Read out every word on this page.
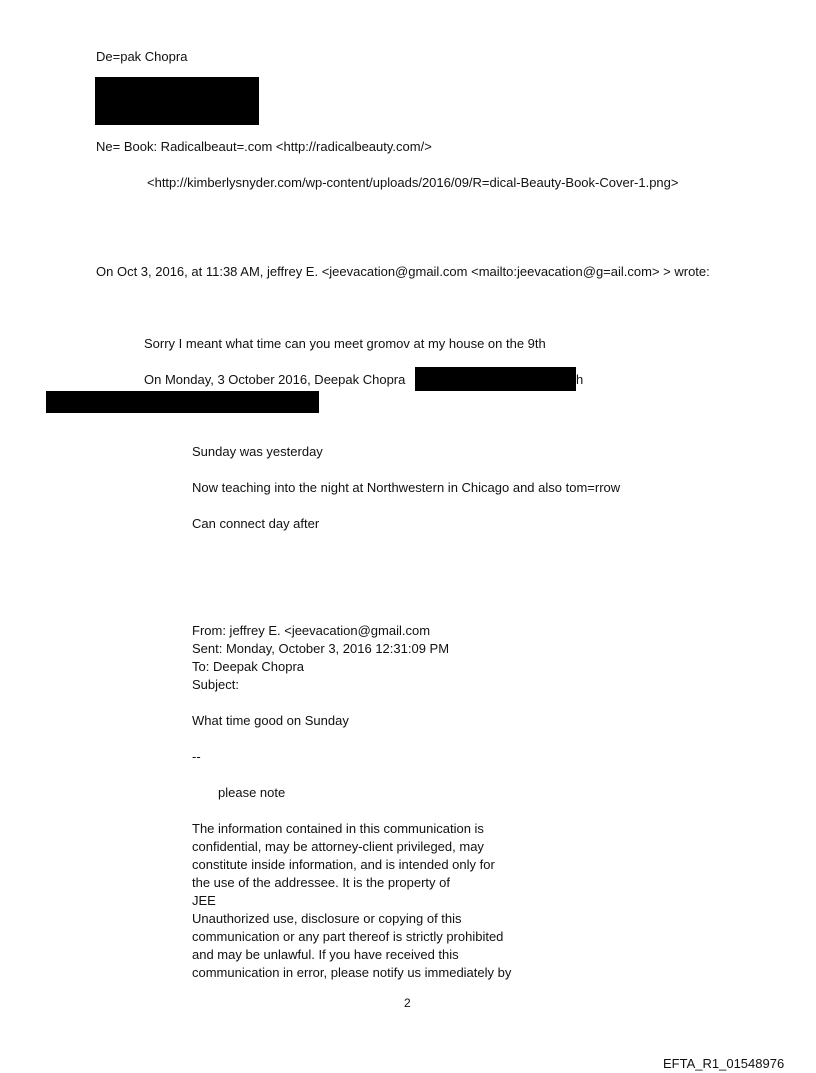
De=pak Chopra
Ne= Book: Radicalbeaut=.com <http://radicalbeauty.com/>
<http://kimberlysnyder.com/wp-content/uploads/2016/09/R=dical-Beauty-Book-Cover-1.png>
On Oct 3, 2016, at 11:38 AM, jeffrey E. <jeevacation@gmail.com <mailto:jeevacation@g=ail.com> > wrote:
Sorry I meant what time can you meet gromov at my house on the 9th
On Monday, 3 October 2016, Deepak Chopra	h
Sunday was yesterday
Now teaching into the night at Northwestern in Chicago and also tom=rrow
Can connect day after
From: jeffrey E. <jeevacation@gmail.com
Sent: Monday, October 3, 2016 12:31:09 PM
To: Deepak Chopra
Subject:
What time good on Sunday
--
please note
The information contained in this communication is
confidential, may be attorney-client privileged, may
constitute inside information, and is intended only for
the use of the addressee. It is the property of
JEE
Unauthorized use, disclosure or copying of this
communication or any part thereof is strictly prohibited
and may be unlawful. If you have received this
communication in error, please notify us immediately by
2
EFTA_R1_01548976
